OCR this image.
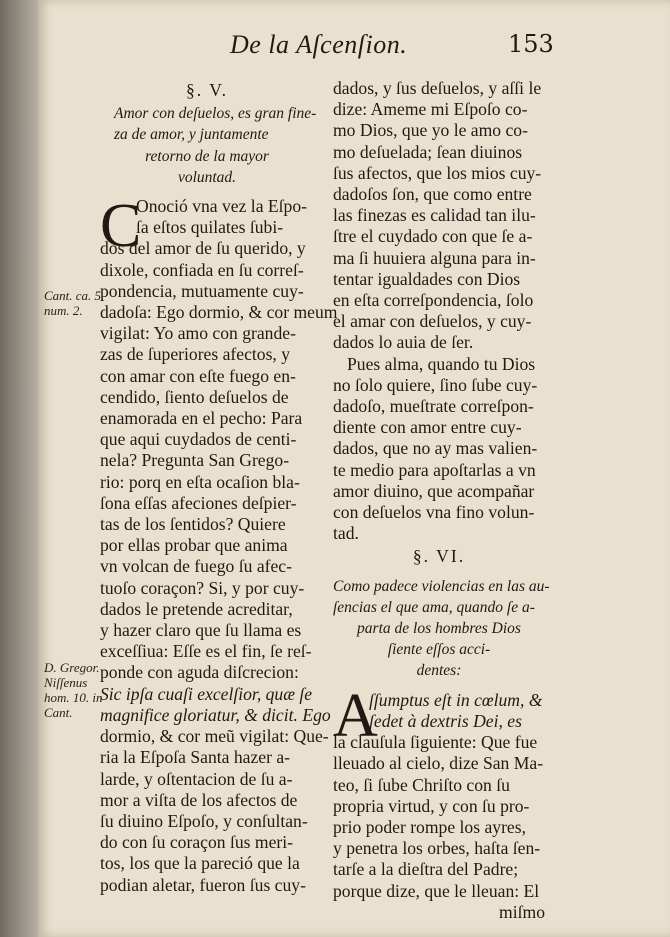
De la Aſcenſion.	153
Cant. ca. 5.
num. 2.
D. Gregor.
Niſſenus
hom. 10. in
Cant.
§. V.
Amor con deſuelos, es gran fine-
za de amor, y juntamente
retorno de la mayor
voluntad.
C
Onoció vna vez la Eſpo-
ſa eſtos quilates ſubi-
dos del amor de ſu querido, y
dixole, confiada en ſu correſ-
pondencia, mutuamente cuy-
dadoſa: Ego dormio, & cor meum
vigilat: Yo amo con grande-
zas de ſuperiores afectos, y
con amar con eſte fuego en-
cendido, ſiento deſuelos de
enamorada en el pecho: Para
que aqui cuydados de centi-
nela? Pregunta San Grego-
rio: porq en eſta ocaſion bla-
ſona eſſas afeciones deſpier-
tas de los ſentidos? Quiere
por ellas probar que anima
vn volcan de fuego ſu afec-
tuoſo coraçon? Si, y por cuy-
dados le pretende acreditar,
y hazer claro que ſu llama es
exceſſiua: Eſſe es el fin, ſe reſ-
ponde con aguda diſcrecion:
Sic ipſa cuaſi excelſior, quæ ſe
magnifice gloriatur, & dicit. Ego
dormio, & cor meũ vigilat: Que-
ria la Eſpoſa Santa hazer a-
larde, y oſtentacion de ſu a-
mor a viſta de los afectos de
ſu diuino Eſpoſo, y conſultan-
do con ſu coraçon ſus meri-
tos, los que la pareció que la
podian aletar, fueron ſus cuy-
dados, y ſus deſuelos, y aſſi le
dize: Ameme mi Eſpoſo co-
mo Dios, que yo le amo co-
mo deſuelada; ſean diuinos
ſus afectos, que los mios cuy-
dadoſos ſon, que como entre
las finezas es calidad tan ilu-
ſtre el cuydado con que ſe a-
ma ſi huuiera alguna para in-
tentar igualdades con Dios
en eſta correſpondencia, ſolo
el amar con deſuelos, y cuy-
dados lo auia de ſer.
Pues alma, quando tu Dios
no ſolo quiere, ſino ſube cuy-
dadoſo, mueſtrate correſpon-
diente con amor entre cuy-
dados, que no ay mas valien-
te medio para apoſtarlas a vn
amor diuino, que acompañar
con deſuelos vna fino volun-
tad.
§. VI.
Como padece violencias en las au-
ſencias el que ama, quando ſe a-
parta de los hombres Dios
ſiente eſſos acci-
dentes:
A
ſſumptus eſt in cœlum, &
ſedet à dextris Dei, es
la clauſula ſiguiente: Que fue
lleuado al cielo, dize San Ma-
teo, ſi ſube Chriſto con ſu
propria virtud, y con ſu pro-
prio poder rompe los ayres,
y penetra los orbes, haſta ſen-
tarſe a la dieſtra del Padre;
porque dize, que le lleuan: El
miſmo
